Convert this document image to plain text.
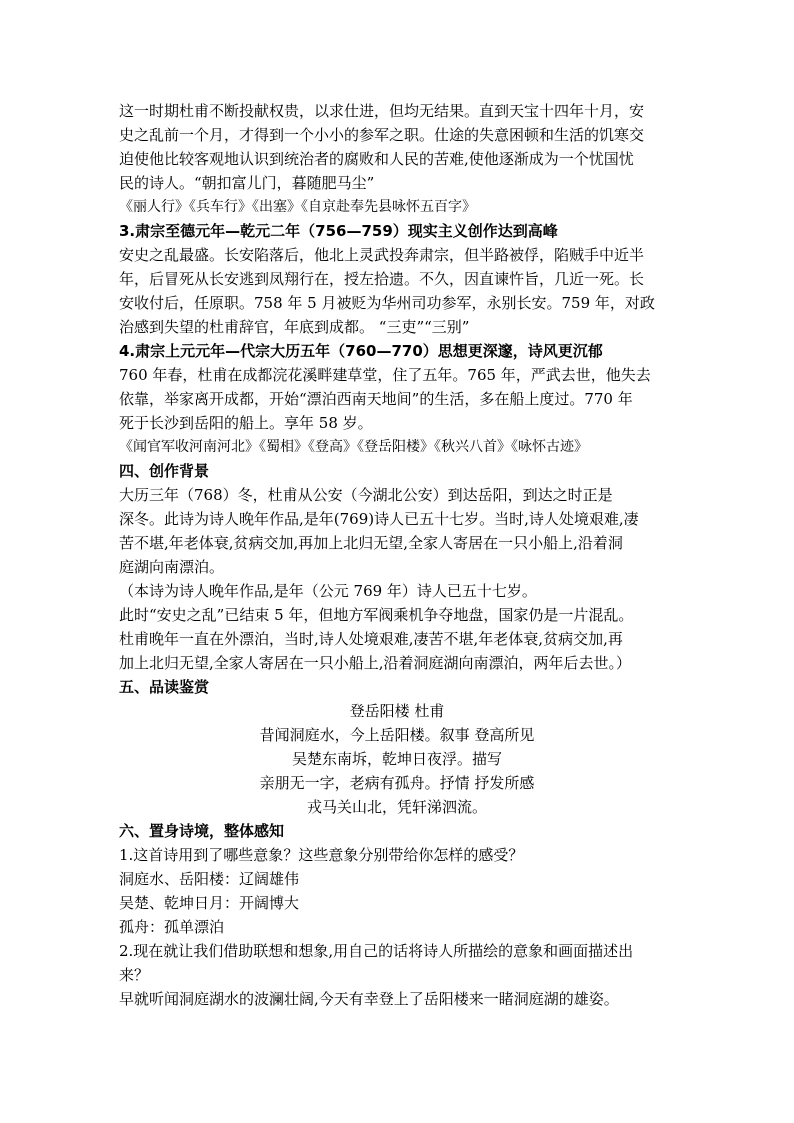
这一时期杜甫不断投献权贵，以求仕进，但均无结果。直到天宝十四年十月，安
史之乱前一个月，才得到一个小小的参军之职。仕途的失意困顿和生活的饥寒交
迫使他比较客观地认识到统治者的腐败和人民的苦难,使他逐渐成为一个忧国忧
民的诗人。“朝扣富儿门，暮随肥马尘”
《丽人行》《兵车行》《出塞》《自京赴奉先县咏怀五百字》
3.肃宗至德元年—乾元二年（756—759）现实主义创作达到高峰
安史之乱最盛。长安陷落后，他北上灵武投奔肃宗，但半路被俘，陷贼手中近半
年，后冒死从长安逃到凤翔行在，授左拾遗。不久，因直谏忤旨，几近一死。长
安收付后，任原职。758 年 5 月被贬为华州司功参军，永别长安。759 年，对政
治感到失望的杜甫辞官，年底到成都。 “三吏”“三别”
4.肃宗上元元年—代宗大历五年（760—770）思想更深邃，诗风更沉郁
760 年春，杜甫在成都浣花溪畔建草堂，住了五年。765 年，严武去世，他失去
依靠，举家离开成都，开始“漂泊西南天地间”的生活，多在船上度过。770 年
死于长沙到岳阳的船上。享年 58 岁。
《闻官军收河南河北》《蜀相》《登高》《登岳阳楼》《秋兴八首》《咏怀古迹》
四、创作背景
大历三年（768）冬，杜甫从公安（今湖北公安）到达岳阳，到达之时正是
深冬。此诗为诗人晚年作品,是年(769)诗人已五十七岁。当时,诗人处境艰难,凄
苦不堪,年老体衰,贫病交加,再加上北归无望,全家人寄居在一只小船上,沿着洞
庭湖向南漂泊。
（本诗为诗人晚年作品,是年（公元 769 年）诗人已五十七岁。
此时“安史之乱”已结束 5 年，但地方军阀乘机争夺地盘，国家仍是一片混乱。
杜甫晚年一直在外漂泊，当时,诗人处境艰难,凄苦不堪,年老体衰,贫病交加,再
加上北归无望,全家人寄居在一只小船上,沿着洞庭湖向南漂泊，两年后去世。）
五、品读鉴赏
登岳阳楼 杜甫
昔闻洞庭水，今上岳阳楼。叙事 登高所见
吴楚东南坼，乾坤日夜浮。描写
亲朋无一字，老病有孤舟。抒情 抒发所感
戎马关山北，凭轩涕泗流。
六、置身诗境，整体感知
1.这首诗用到了哪些意象？这些意象分别带给你怎样的感受？
洞庭水、岳阳楼：辽阔雄伟
吴楚、乾坤日月：开阔博大
孤舟：孤单漂泊
2.现在就让我们借助联想和想象,用自己的话将诗人所描绘的意象和画面描述出
来？
早就听闻洞庭湖水的波澜壮阔,今天有幸登上了岳阳楼来一睹洞庭湖的雄姿。
